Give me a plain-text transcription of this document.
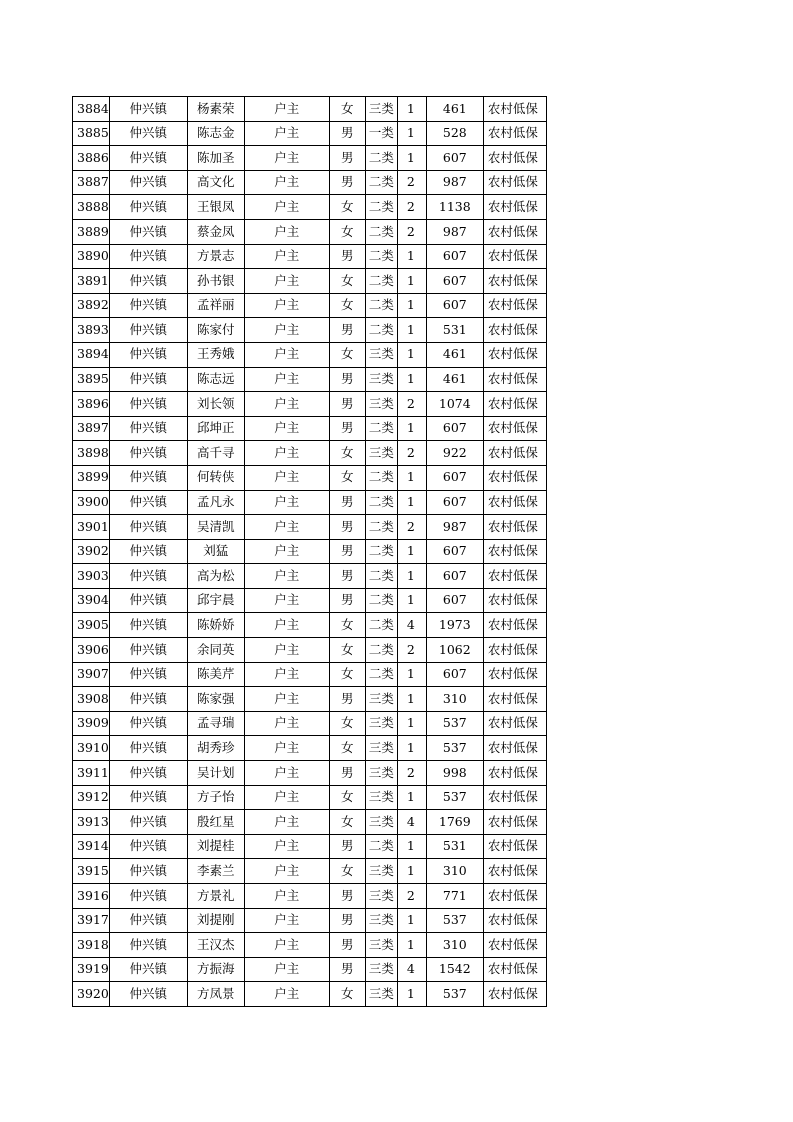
3884	仲兴镇	杨素荣	户主	女	三类	1	461	农村低保
3885	仲兴镇	陈志金	户主	男	一类	1	528	农村低保
3886	仲兴镇	陈加圣	户主	男	二类	1	607	农村低保
3887	仲兴镇	高文化	户主	男	二类	2	987	农村低保
3888	仲兴镇	王银凤	户主	女	二类	2	1138	农村低保
3889	仲兴镇	蔡金凤	户主	女	二类	2	987	农村低保
3890	仲兴镇	方景志	户主	男	二类	1	607	农村低保
3891	仲兴镇	孙书银	户主	女	二类	1	607	农村低保
3892	仲兴镇	孟祥丽	户主	女	二类	1	607	农村低保
3893	仲兴镇	陈家付	户主	男	二类	1	531	农村低保
3894	仲兴镇	王秀娥	户主	女	三类	1	461	农村低保
3895	仲兴镇	陈志远	户主	男	三类	1	461	农村低保
3896	仲兴镇	刘长领	户主	男	三类	2	1074	农村低保
3897	仲兴镇	邱坤正	户主	男	二类	1	607	农村低保
3898	仲兴镇	高千寻	户主	女	三类	2	922	农村低保
3899	仲兴镇	何转侠	户主	女	二类	1	607	农村低保
3900	仲兴镇	孟凡永	户主	男	二类	1	607	农村低保
3901	仲兴镇	吴清凯	户主	男	二类	2	987	农村低保
3902	仲兴镇	刘猛	户主	男	二类	1	607	农村低保
3903	仲兴镇	高为松	户主	男	二类	1	607	农村低保
3904	仲兴镇	邱宇晨	户主	男	二类	1	607	农村低保
3905	仲兴镇	陈娇娇	户主	女	二类	4	1973	农村低保
3906	仲兴镇	余同英	户主	女	二类	2	1062	农村低保
3907	仲兴镇	陈美芹	户主	女	二类	1	607	农村低保
3908	仲兴镇	陈家强	户主	男	三类	1	310	农村低保
3909	仲兴镇	孟寻瑞	户主	女	三类	1	537	农村低保
3910	仲兴镇	胡秀珍	户主	女	三类	1	537	农村低保
3911	仲兴镇	吴计划	户主	男	三类	2	998	农村低保
3912	仲兴镇	方子怡	户主	女	三类	1	537	农村低保
3913	仲兴镇	殷红星	户主	女	三类	4	1769	农村低保
3914	仲兴镇	刘提桂	户主	男	二类	1	531	农村低保
3915	仲兴镇	李素兰	户主	女	三类	1	310	农村低保
3916	仲兴镇	方景礼	户主	男	三类	2	771	农村低保
3917	仲兴镇	刘提刚	户主	男	三类	1	537	农村低保
3918	仲兴镇	王汉杰	户主	男	三类	1	310	农村低保
3919	仲兴镇	方振海	户主	男	三类	4	1542	农村低保
3920	仲兴镇	方凤景	户主	女	三类	1	537	农村低保
